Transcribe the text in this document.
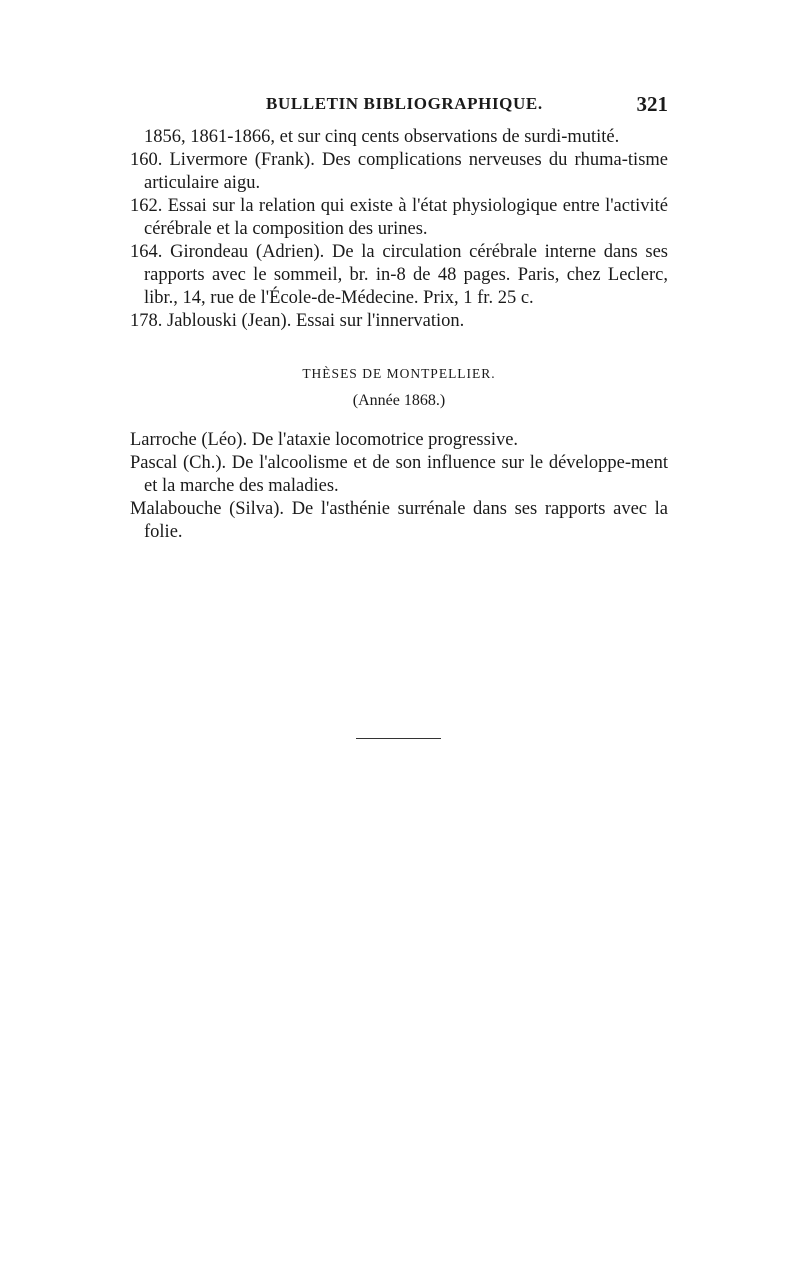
BULLETIN BIBLIOGRAPHIQUE.	321

1856, 1861-1866, et sur cinq cents observations de surdi-mutité.

160. Livermore (Frank). Des complications nerveuses du rhuma-tisme articulaire aigu.

162. Essai sur la relation qui existe à l'état physiologique entre l'activité cérébrale et la composition des urines.

164. Girondeau (Adrien). De la circulation cérébrale interne dans ses rapports avec le sommeil, br. in-8 de 48 pages. Paris, chez Leclerc, libr., 14, rue de l'École-de-Médecine. Prix, 1 fr. 25 c.

178. Jablouski (Jean). Essai sur l'innervation.

THÈSES DE MONTPELLIER.

(Année 1868.)

Larroche (Léo). De l'ataxie locomotrice progressive.

Pascal (Ch.). De l'alcoolisme et de son influence sur le développe-ment et la marche des maladies.

Malabouche (Silva). De l'asthénie surrénale dans ses rapports avec la folie.
